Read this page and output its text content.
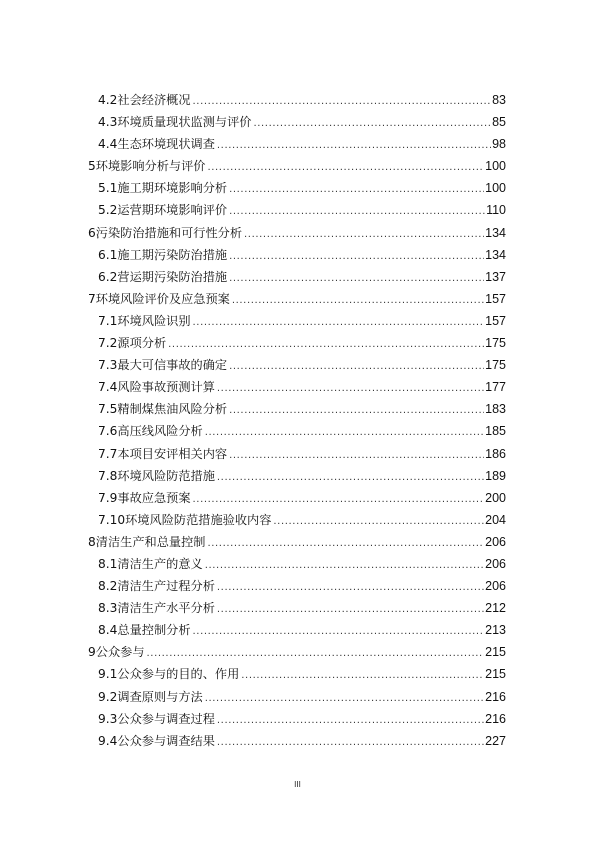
4.2 社会经济概况 .....	83
4.3 环境质量现状监测与评价 .....	85
4.4 生态环境现状调查 .....	98
5 环境影响分析与评价 .....	100
5.1 施工期环境影响分析 .....	100
5.2 运营期环境影响评价 .....	110
6 污染防治措施和可行性分析 .....	134
6.1 施工期污染防治措施 .....	134
6.2 营运期污染防治措施 .....	137
7 环境风险评价及应急预案 .....	157
7.1 环境风险识别 .....	157
7.2 源项分析 .....	175
7.3 最大可信事故的确定 .....	175
7.4 风险事故预测计算 .....	177
7.5 精制煤焦油风险分析 .....	183
7.6 高压线风险分析 .....	185
7.7 本项目安评相关内容 .....	186
7.8 环境风险防范措施 .....	189
7.9 事故应急预案 .....	200
7.10 环境风险防范措施验收内容 .....	204
8 清洁生产和总量控制 .....	206
8.1 清洁生产的意义 .....	206
8.2 清洁生产过程分析 .....	206
8.3 清洁生产水平分析 .....	212
8.4 总量控制分析 .....	213
9 公众参与 .....	215
9.1 公众参与的目的、作用 .....	215
9.2 调查原则与方法 .....	216
9.3 公众参与调查过程 .....	216
9.4 公众参与调查结果 .....	227
III
